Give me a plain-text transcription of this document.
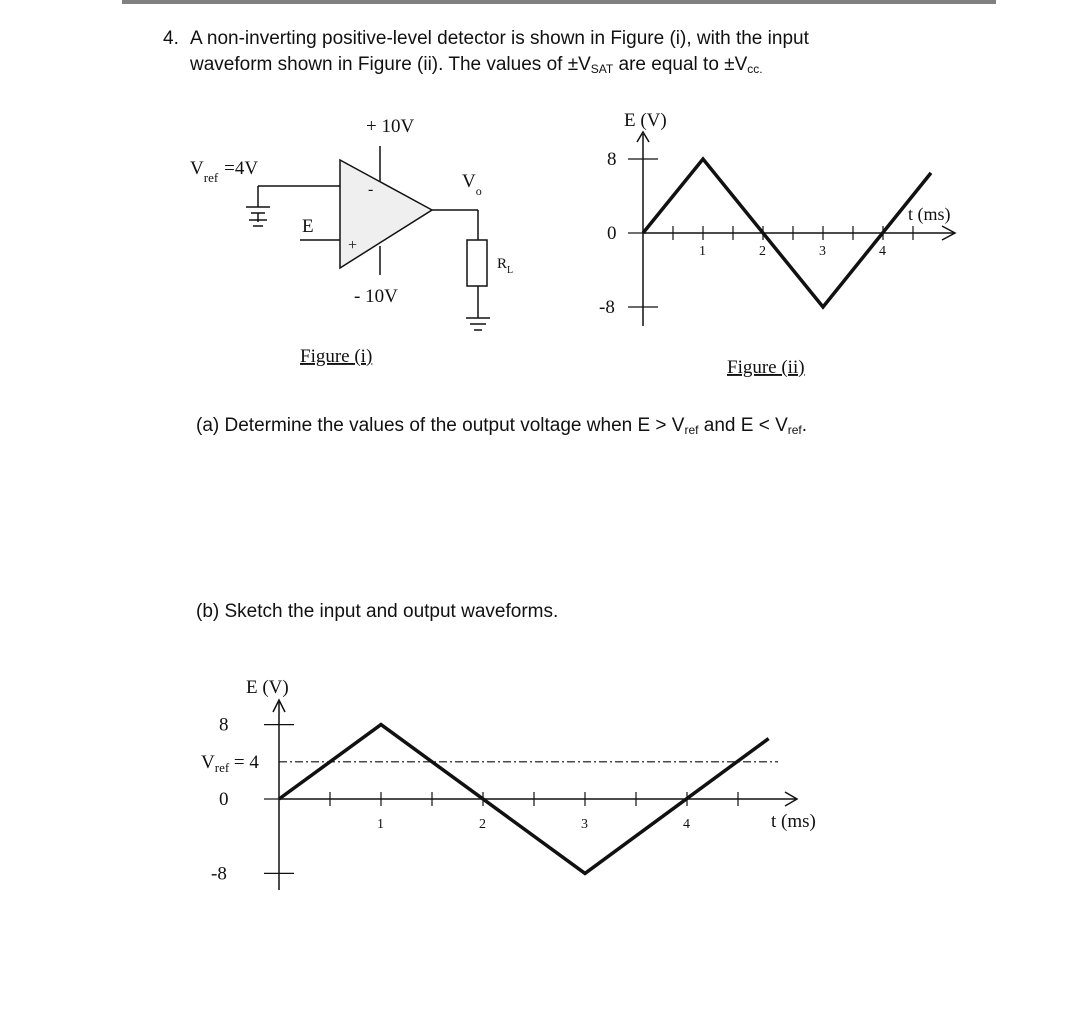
4. A non-inverting positive-level detector is shown in Figure (i), with the input
waveform shown in Figure (ii). The values of $\pm V_{SAT}$ are equal to $\pm V_{cc.}$
+ 10V
- 10V
-
+
$V_{ref} =4V$
E
$V_o$
$R_L$
Figure (i)
1	2	3	4
8
0
-8
E (V)
t (ms)
Figure (ii)
(a) Determine the values of the output voltage when $E > V_{ref}$ and $E < V_{ref}$.
(b) Sketch the input and output waveforms.
1	2	3	4
8
0
-8
E (V)
t (ms)
$V_{ref} = 4$
